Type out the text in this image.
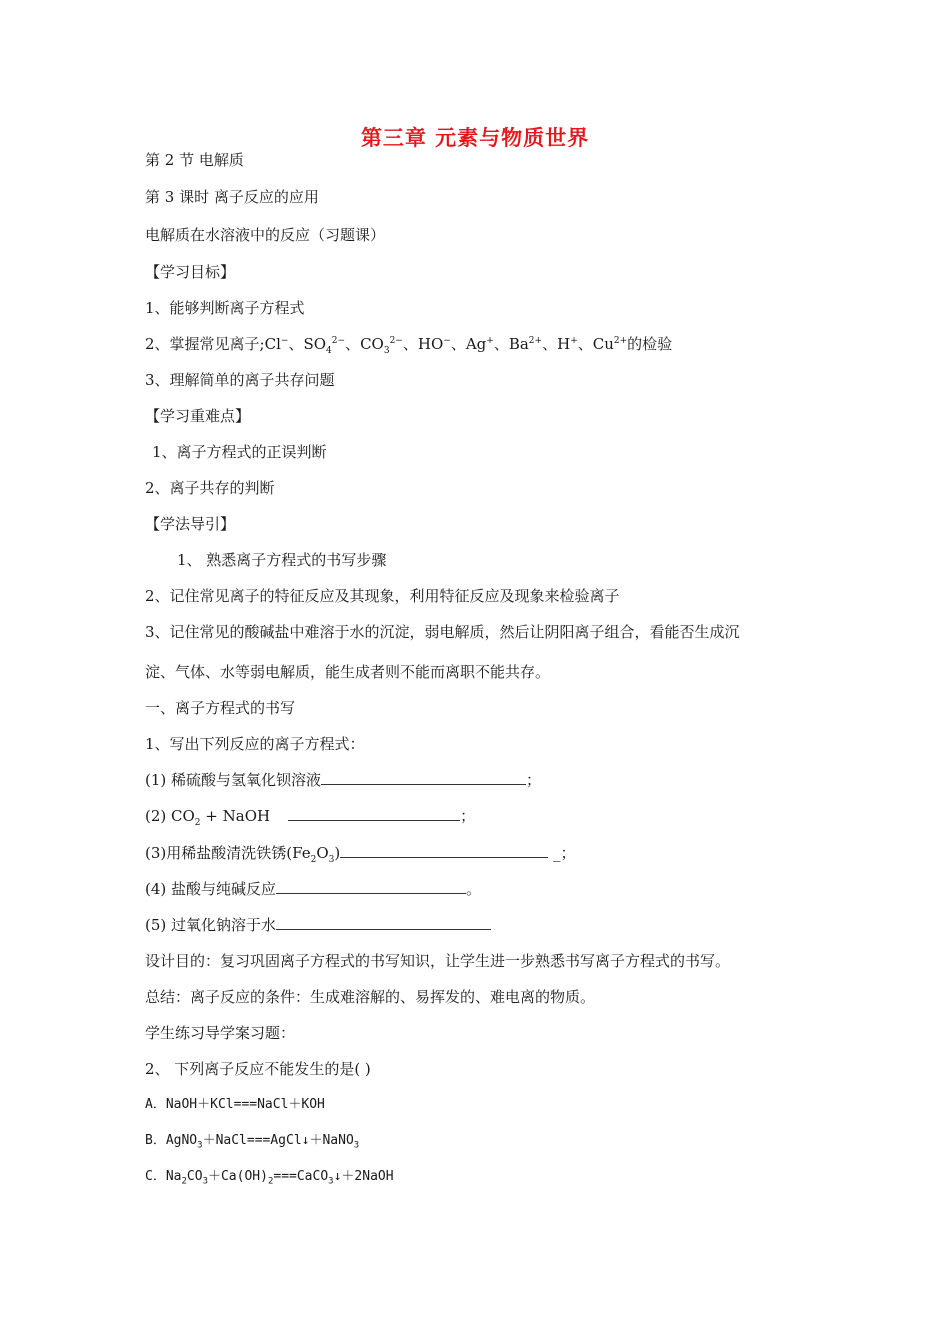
第三章 元素与物质世界
第 2 节 电解质
第 3 课时 离子反应的应用
电解质在水溶液中的反应（习题课）
【学习目标】
1、能够判断离子方程式
2、掌握常见离子;Cl−、$SO_4^{2-}$、$CO_3^{2-}$、HO−、Ag+、$Ba^{2+}$、H+、$Cu^{2+}$的检验
3、理解简单的离子共存问题
【学习重难点】
1、离子方程式的正误判断
2、离子共存的判断
【学法导引】
1、 熟悉离子方程式的书写步骤
2、记住常见离子的特征反应及其现象，利用特征反应及现象来检验离子
3、记住常见的酸碱盐中难溶于水的沉淀，弱电解质，然后让阴阳离子组合，看能否生成沉
淀、气体、水等弱电解质，能生成者则不能而离职不能共存。
一、离子方程式的书写
1、写出下列反应的离子方程式：
(1) 稀硫酸与氢氧化钡溶液	；
(2) $CO_2$ + NaOH	；
(3)用稀盐酸清洗铁锈$(Fe_2O_3)$	_；
(4) 盐酸与纯碱反应	。
(5) 过氧化钠溶于水
设计目的：复习巩固离子方程式的书写知识，让学生进一步熟悉书写离子方程式的书写。
总结：离子反应的条件：生成难溶解的、易挥发的、难电离的物质。
学生练习导学案习题：
2、 下列离子反应不能发生的是( )
A．NaOH＋KCl===NaCl＋KOH
B．AgNO$_3$＋NaCl===AgCl↓＋NaNO$_3$
C．$Na_2CO_3+Ca(OH)_2===CaCO_3↓+2NaOH$
